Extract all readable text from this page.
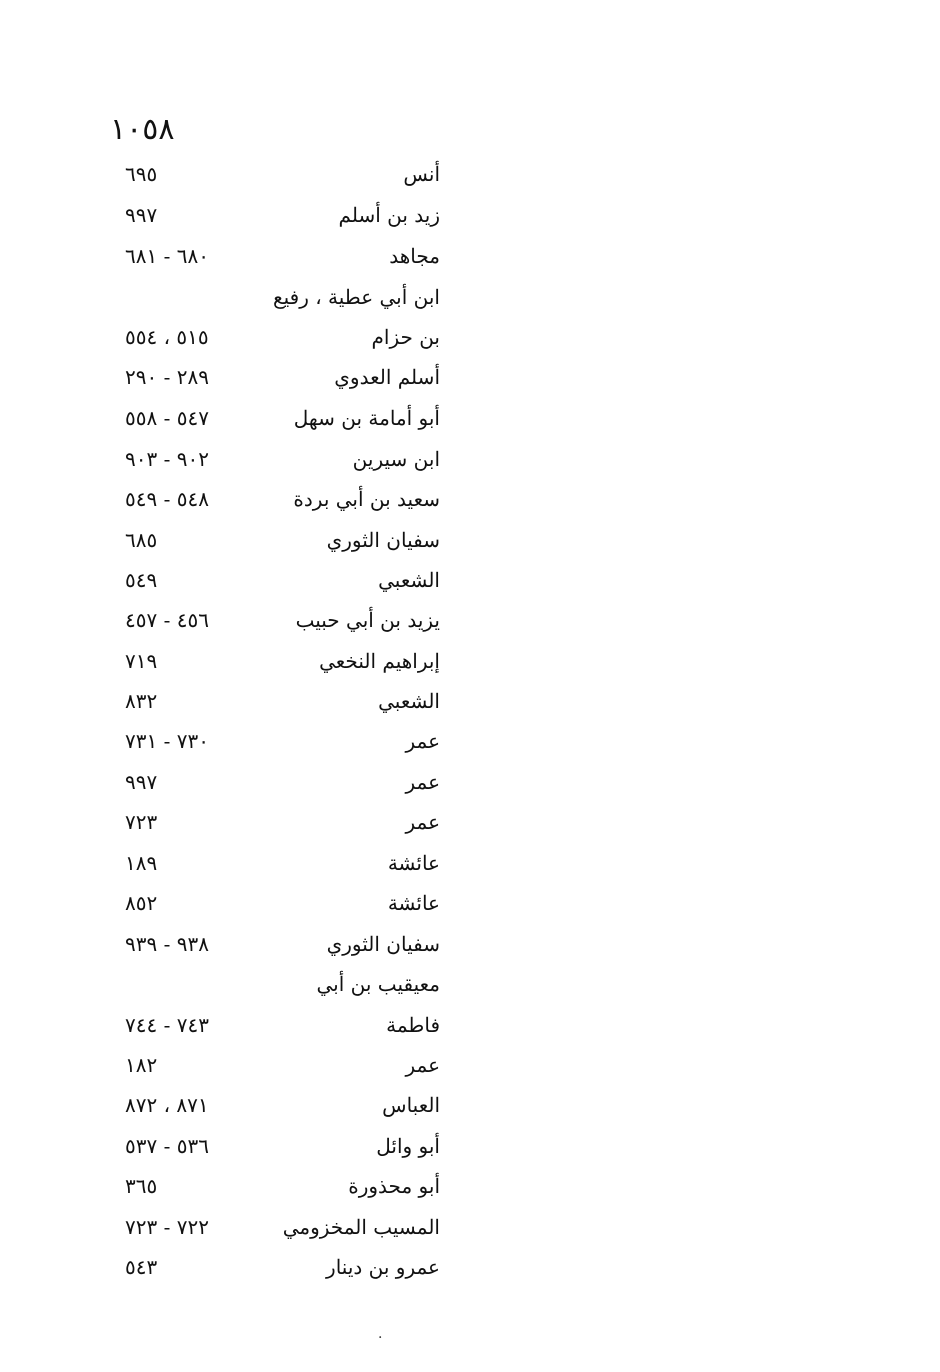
١٠٥٨
أنس
٦٩٥
زيد بن أسلم
٩٩٧
مجاهد
٦٨٠ - ٦٨١
ابن أبي عطية ، رفيع
بن حزام
٥١٥ ، ٥٥٤
أسلم العدوي
٢٨٩ - ٢٩٠
أبو أمامة بن سهل
٥٤٧ - ٥٥٨
ابن سيرين
٩٠٢ - ٩٠٣
سعيد بن أبي بردة
٥٤٨ - ٥٤٩
سفيان الثوري
٦٨٥
الشعبي
٥٤٩
يزيد بن أبي حبيب
٤٥٦ - ٤٥٧
إبراهيم النخعي
٧١٩
الشعبي
٨٣٢
عمر
٧٣٠ - ٧٣١
عمر
٩٩٧
عمر
٧٢٣
عائشة
١٨٩
عائشة
٨٥٢
سفيان الثوري
٩٣٨ - ٩٣٩
معيقيب بن أبي
فاطمة
٧٤٣ - ٧٤٤
عمر
١٨٢
العباس
٨٧١ ، ٨٧٢
أبو وائل
٥٣٦ - ٥٣٧
أبو محذورة
٣٦٥
المسيب المخزومي
٧٢٢ - ٧٢٣
عمرو بن دينار
٥٤٣
·
